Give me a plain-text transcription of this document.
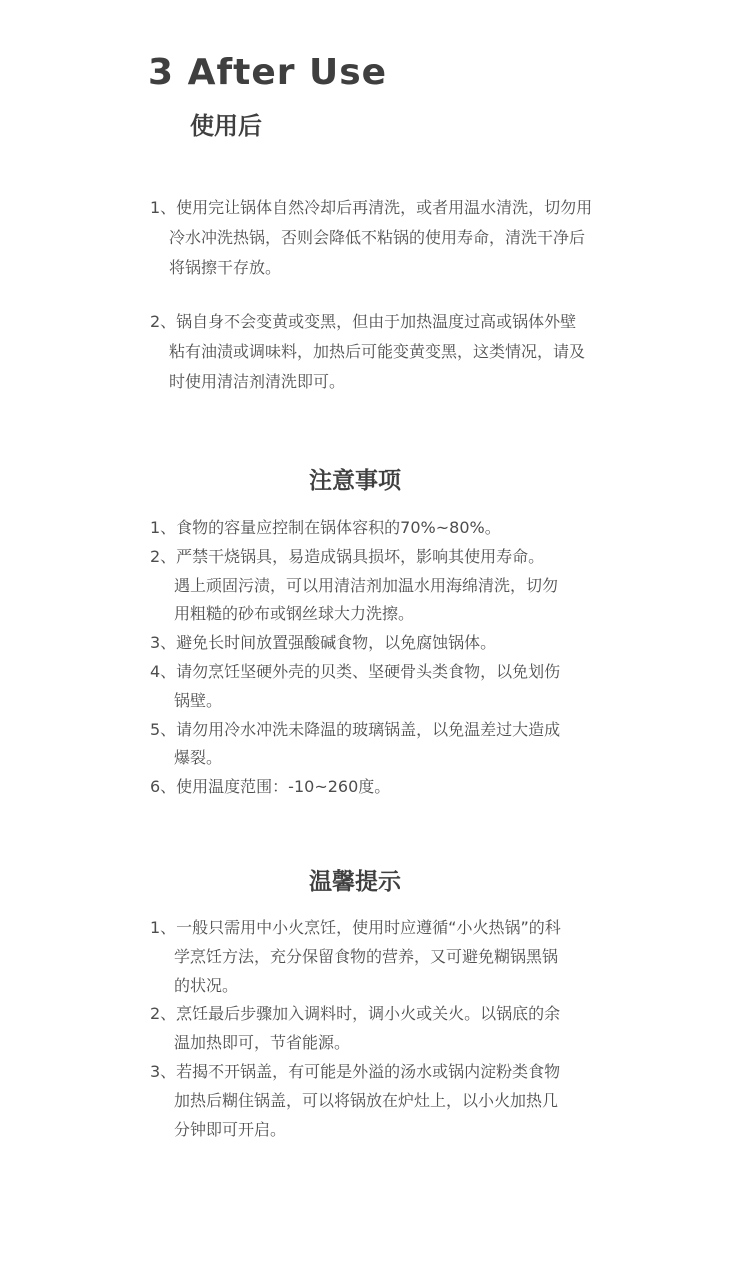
3 After Use
使用后

1、使用完让锅体自然冷却后再清洗，或者用温水清洗，切勿用
冷水冲洗热锅，否则会降低不粘锅的使用寿命，清洗干净后
将锅擦干存放。

2、锅自身不会变黄或变黑，但由于加热温度过高或锅体外壁
粘有油渍或调味料，加热后可能变黄变黑，这类情况，请及
时使用清洁剂清洗即可。

注意事项
1、食物的容量应控制在锅体容积的70%~80%。
2、严禁干烧锅具，易造成锅具损坏，影响其使用寿命。
遇上顽固污渍，可以用清洁剂加温水用海绵清洗，切勿
用粗糙的砂布或钢丝球大力洗擦。
3、避免长时间放置强酸碱食物，以免腐蚀锅体。
4、请勿烹饪坚硬外壳的贝类、坚硬骨头类食物，以免划伤
锅壁。
5、请勿用冷水冲洗未降温的玻璃锅盖，以免温差过大造成
爆裂。
6、使用温度范围：-10~260度。
温馨提示
1、一般只需用中小火烹饪，使用时应遵循“小火热锅”的科
学烹饪方法，充分保留食物的营养，又可避免糊锅黑锅
的状况。
2、烹饪最后步骤加入调料时，调小火或关火。以锅底的余
温加热即可，节省能源。
3、若揭不开锅盖，有可能是外溢的汤水或锅内淀粉类食物
加热后糊住锅盖，可以将锅放在炉灶上，以小火加热几
分钟即可开启。
